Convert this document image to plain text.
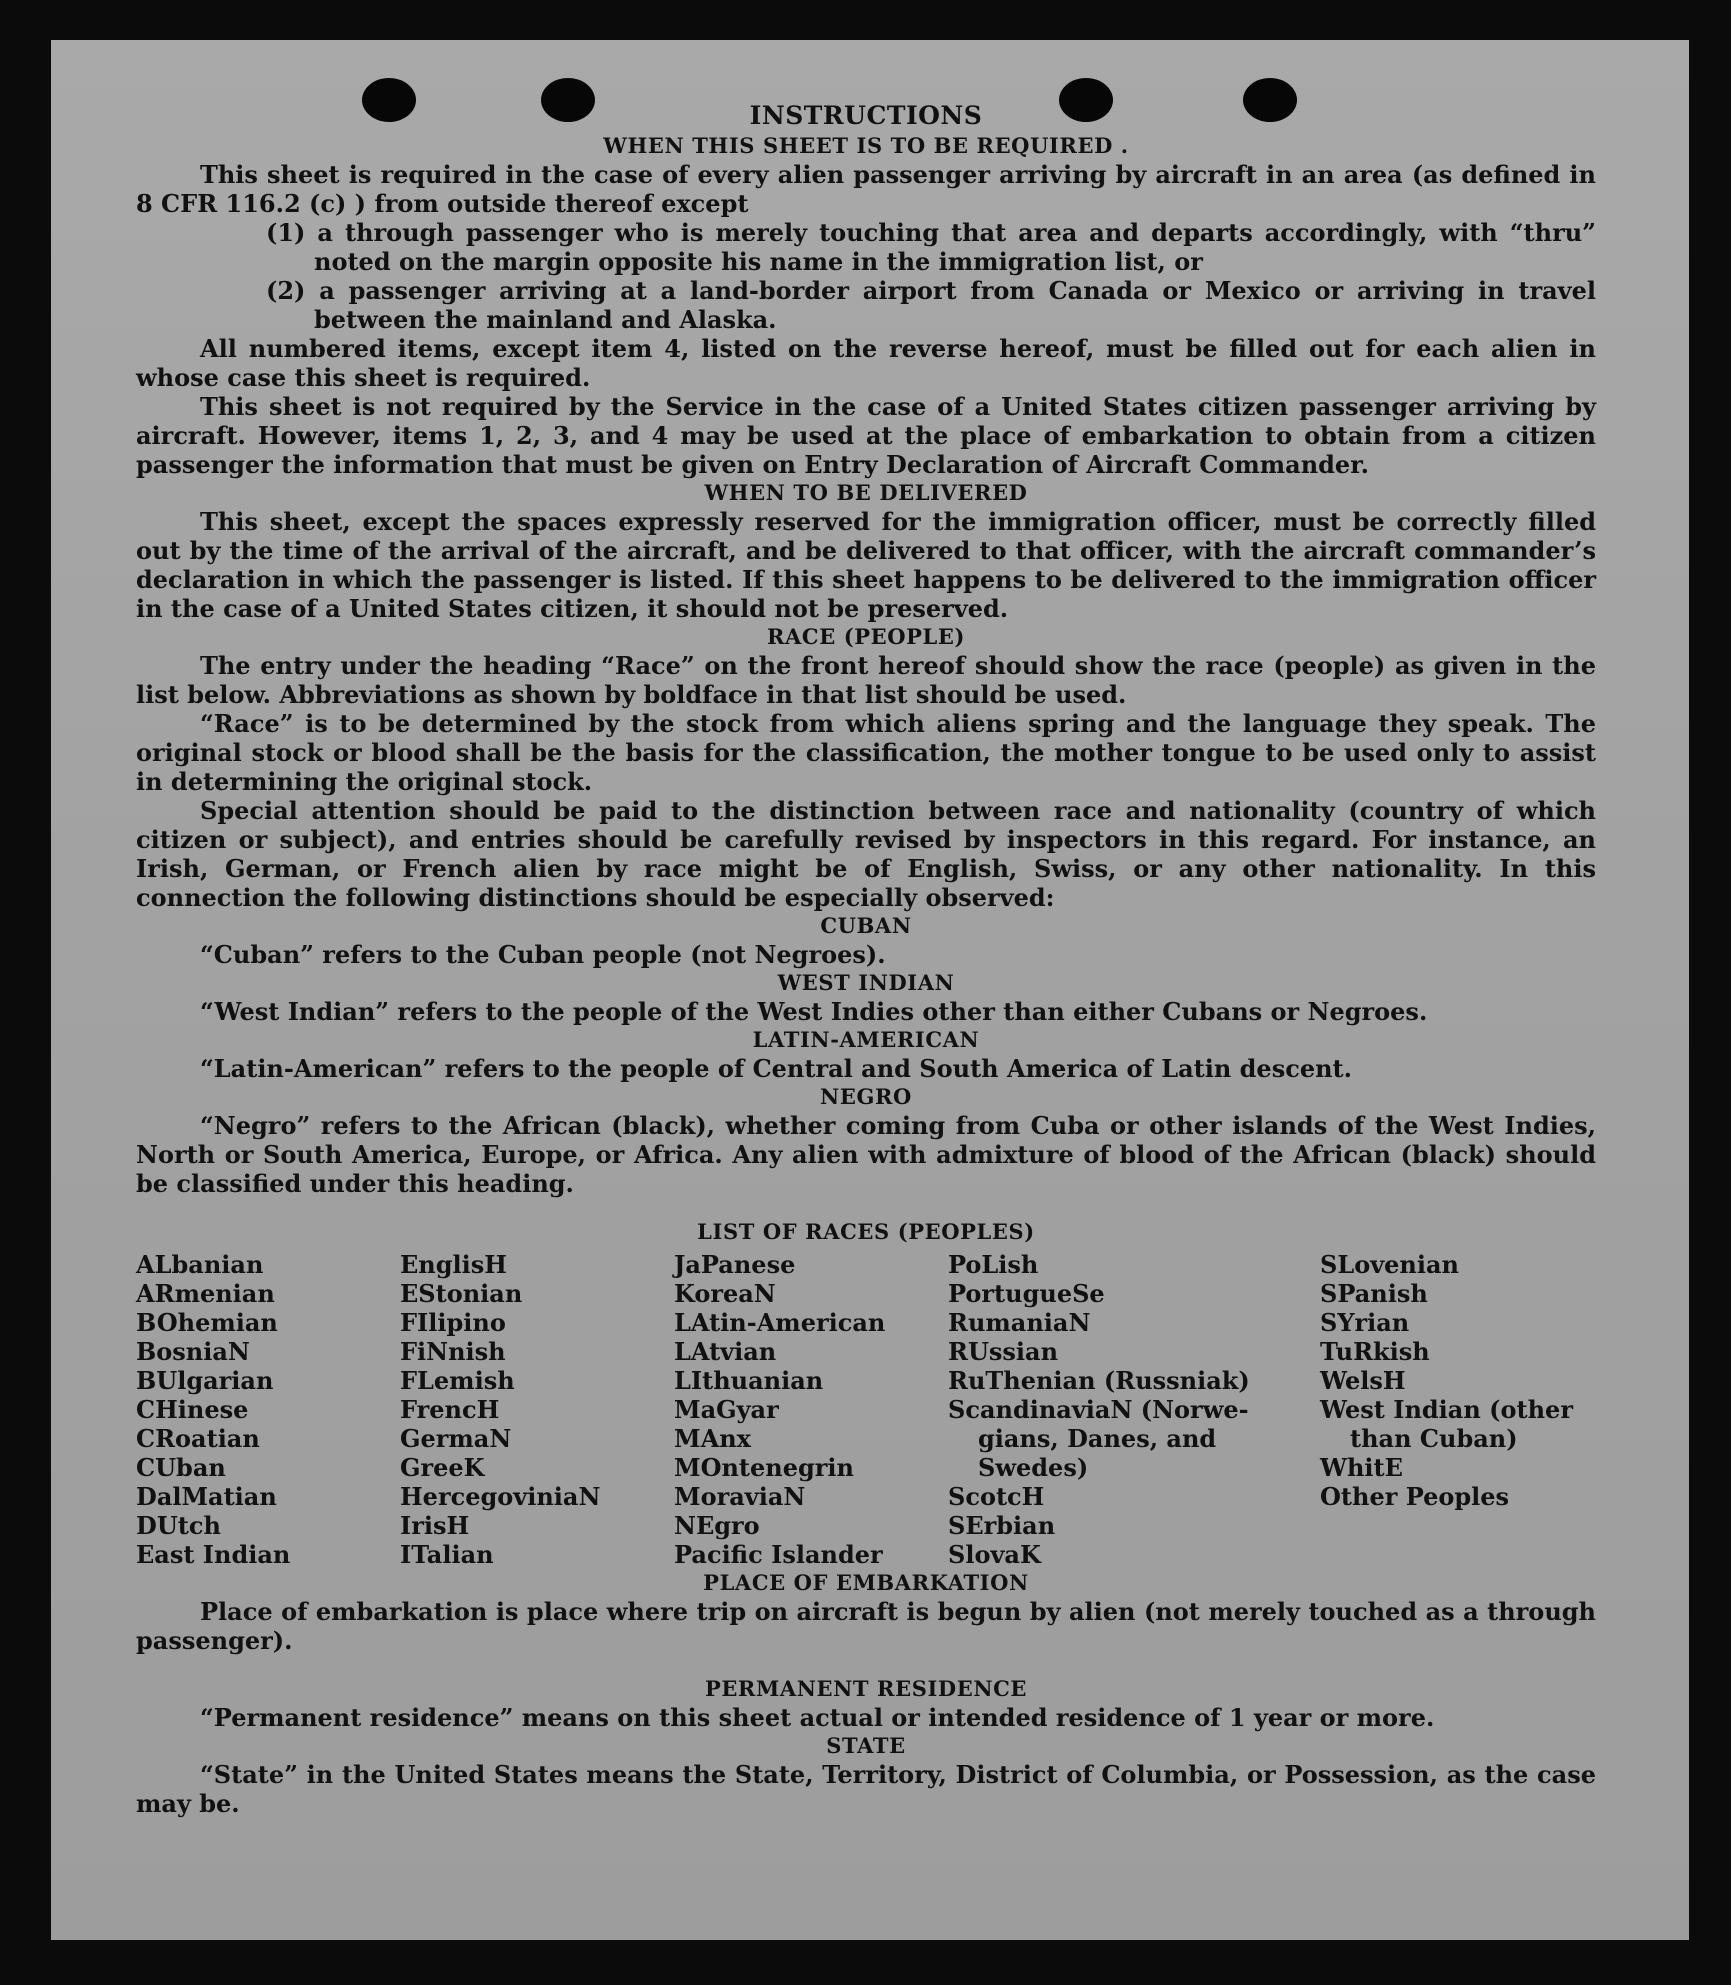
INSTRUCTIONS
WHEN THIS SHEET IS TO BE REQUIRED .

This sheet is required in the case of every alien passenger arriving by aircraft in an area (as defined in 8 CFR 116.2 (c) ) from outside thereof except

(1) a through passenger who is merely touching that area and departs accordingly, with “thru” noted on the margin opposite his name in the immigration list, or

(2) a passenger arriving at a land-border airport from Canada or Mexico or arriving in travel between the mainland and Alaska.

All numbered items, except item 4, listed on the reverse hereof, must be filled out for each alien in whose case this sheet is required.

This sheet is not required by the Service in the case of a United States citizen passenger arriving by aircraft. However, items 1, 2, 3, and 4 may be used at the place of embarkation to obtain from a citizen passenger the information that must be given on Entry Declaration of Aircraft Commander.

WHEN TO BE DELIVERED

This sheet, except the spaces expressly reserved for the immigration officer, must be correctly filled out by the time of the arrival of the aircraft, and be delivered to that officer, with the aircraft commander’s declaration in which the passenger is listed. If this sheet happens to be delivered to the immigration officer in the case of a United States citizen, it should not be preserved.

RACE (PEOPLE)

The entry under the heading “Race” on the front hereof should show the race (people) as given in the list below. Abbreviations as shown by boldface in that list should be used.

“Race” is to be determined by the stock from which aliens spring and the language they speak. The original stock or blood shall be the basis for the classification, the mother tongue to be used only to assist in determining the original stock.

Special attention should be paid to the distinction between race and nationality (country of which citizen or subject), and entries should be carefully revised by inspectors in this regard. For instance, an Irish, German, or French alien by race might be of English, Swiss, or any other nationality. In this connection the following distinctions should be especially observed:

CUBAN

“Cuban” refers to the Cuban people (not Negroes).

WEST INDIAN

“West Indian” refers to the people of the West Indies other than either Cubans or Negroes.

LATIN-AMERICAN

“Latin-American” refers to the people of Central and South America of Latin descent.

NEGRO

“Negro” refers to the African (black), whether coming from Cuba or other islands of the West Indies, North or South America, Europe, or Africa. Any alien with admixture of blood of the African (black) should be classified under this heading.

LIST OF RACES (PEOPLES)
ALbanian
ARmenian
BOhemian
BosniaN
BUlgarian
CHinese
CRoatian
CUban
DalMatian
DUtch
East Indian
EnglisH
EStonian
FIlipino
FiNnish
FLemish
FrencH
GermaN
GreeK
HercegoviniaN
IrisH
ITalian
JaPanese
KoreaN
LAtin-American
LAtvian
LIthuanian
MaGyar
MAnx
MOntenegrin
MoraviaN
NEgro
Pacific Islander
PoLish
PortugueSe
RumaniaN
RUssian
RuThenian (Russniak)
ScandinaviaN (Norwe-
gians, Danes, and
Swedes)
ScotcH
SErbian
SlovaK
SLovenian
SPanish
SYrian
TuRkish
WelsH
West Indian (other
than Cuban)
WhitE
Other Peoples
PLACE OF EMBARKATION

Place of embarkation is place where trip on aircraft is begun by alien (not merely touched as a through passenger).

PERMANENT RESIDENCE

“Permanent residence” means on this sheet actual or intended residence of 1 year or more.

STATE

“State” in the United States means the State, Territory, District of Columbia, or Possession, as the case may be.
